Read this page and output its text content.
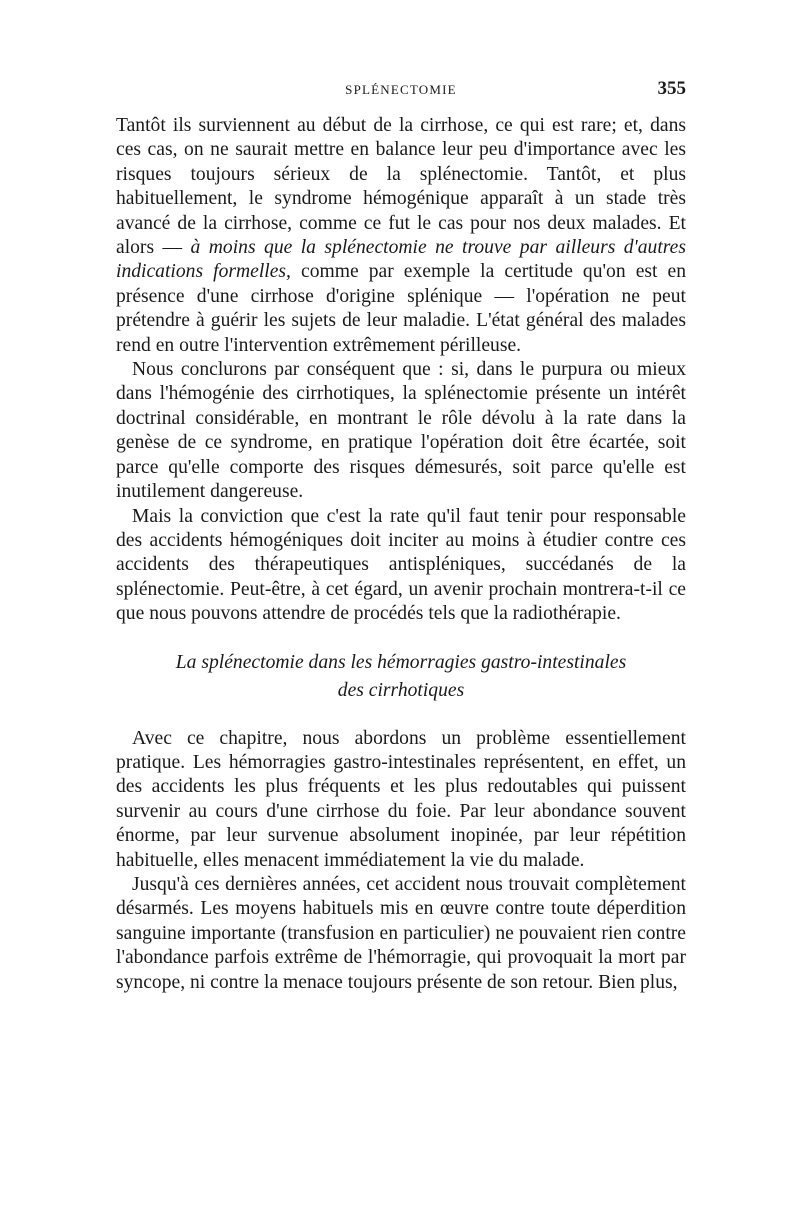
SPLÉNECTOMIE	355

Tantôt ils surviennent au début de la cirrhose, ce qui est rare; et, dans ces cas, on ne saurait mettre en balance leur peu d'importance avec les risques toujours sérieux de la splénectomie. Tantôt, et plus habituellement, le syndrome hémogénique apparaît à un stade très avancé de la cirrhose, comme ce fut le cas pour nos deux malades. Et alors — à moins que la splénectomie ne trouve par ailleurs d'autres indications formelles, comme par exemple la certitude qu'on est en présence d'une cirrhose d'origine splénique — l'opération ne peut prétendre à guérir les sujets de leur maladie. L'état général des malades rend en outre l'intervention extrêmement périlleuse.

Nous conclurons par conséquent que : si, dans le purpura ou mieux dans l'hémogénie des cirrhotiques, la splénectomie présente un intérêt doctrinal considérable, en montrant le rôle dévolu à la rate dans la genèse de ce syndrome, en pratique l'opération doit être écartée, soit parce qu'elle comporte des risques démesurés, soit parce qu'elle est inutilement dangereuse.

Mais la conviction que c'est la rate qu'il faut tenir pour responsable des accidents hémogéniques doit inciter au moins à étudier contre ces accidents des thérapeutiques antispléniques, succédanés de la splénectomie. Peut-être, à cet égard, un avenir prochain montrera-t-il ce que nous pouvons attendre de procédés tels que la radiothérapie.

La splénectomie dans les hémorragies gastro-intestinales
des cirrhotiques

Avec ce chapitre, nous abordons un problème essentiellement pratique. Les hémorragies gastro-intestinales représentent, en effet, un des accidents les plus fréquents et les plus redoutables qui puissent survenir au cours d'une cirrhose du foie. Par leur abondance souvent énorme, par leur survenue absolument inopinée, par leur répétition habituelle, elles menacent immédiatement la vie du malade.

Jusqu'à ces dernières années, cet accident nous trouvait complètement désarmés. Les moyens habituels mis en œuvre contre toute déperdition sanguine importante (transfusion en particulier) ne pouvaient rien contre l'abondance parfois extrême de l'hémorragie, qui provoquait la mort par syncope, ni contre la menace toujours présente de son retour. Bien plus,
